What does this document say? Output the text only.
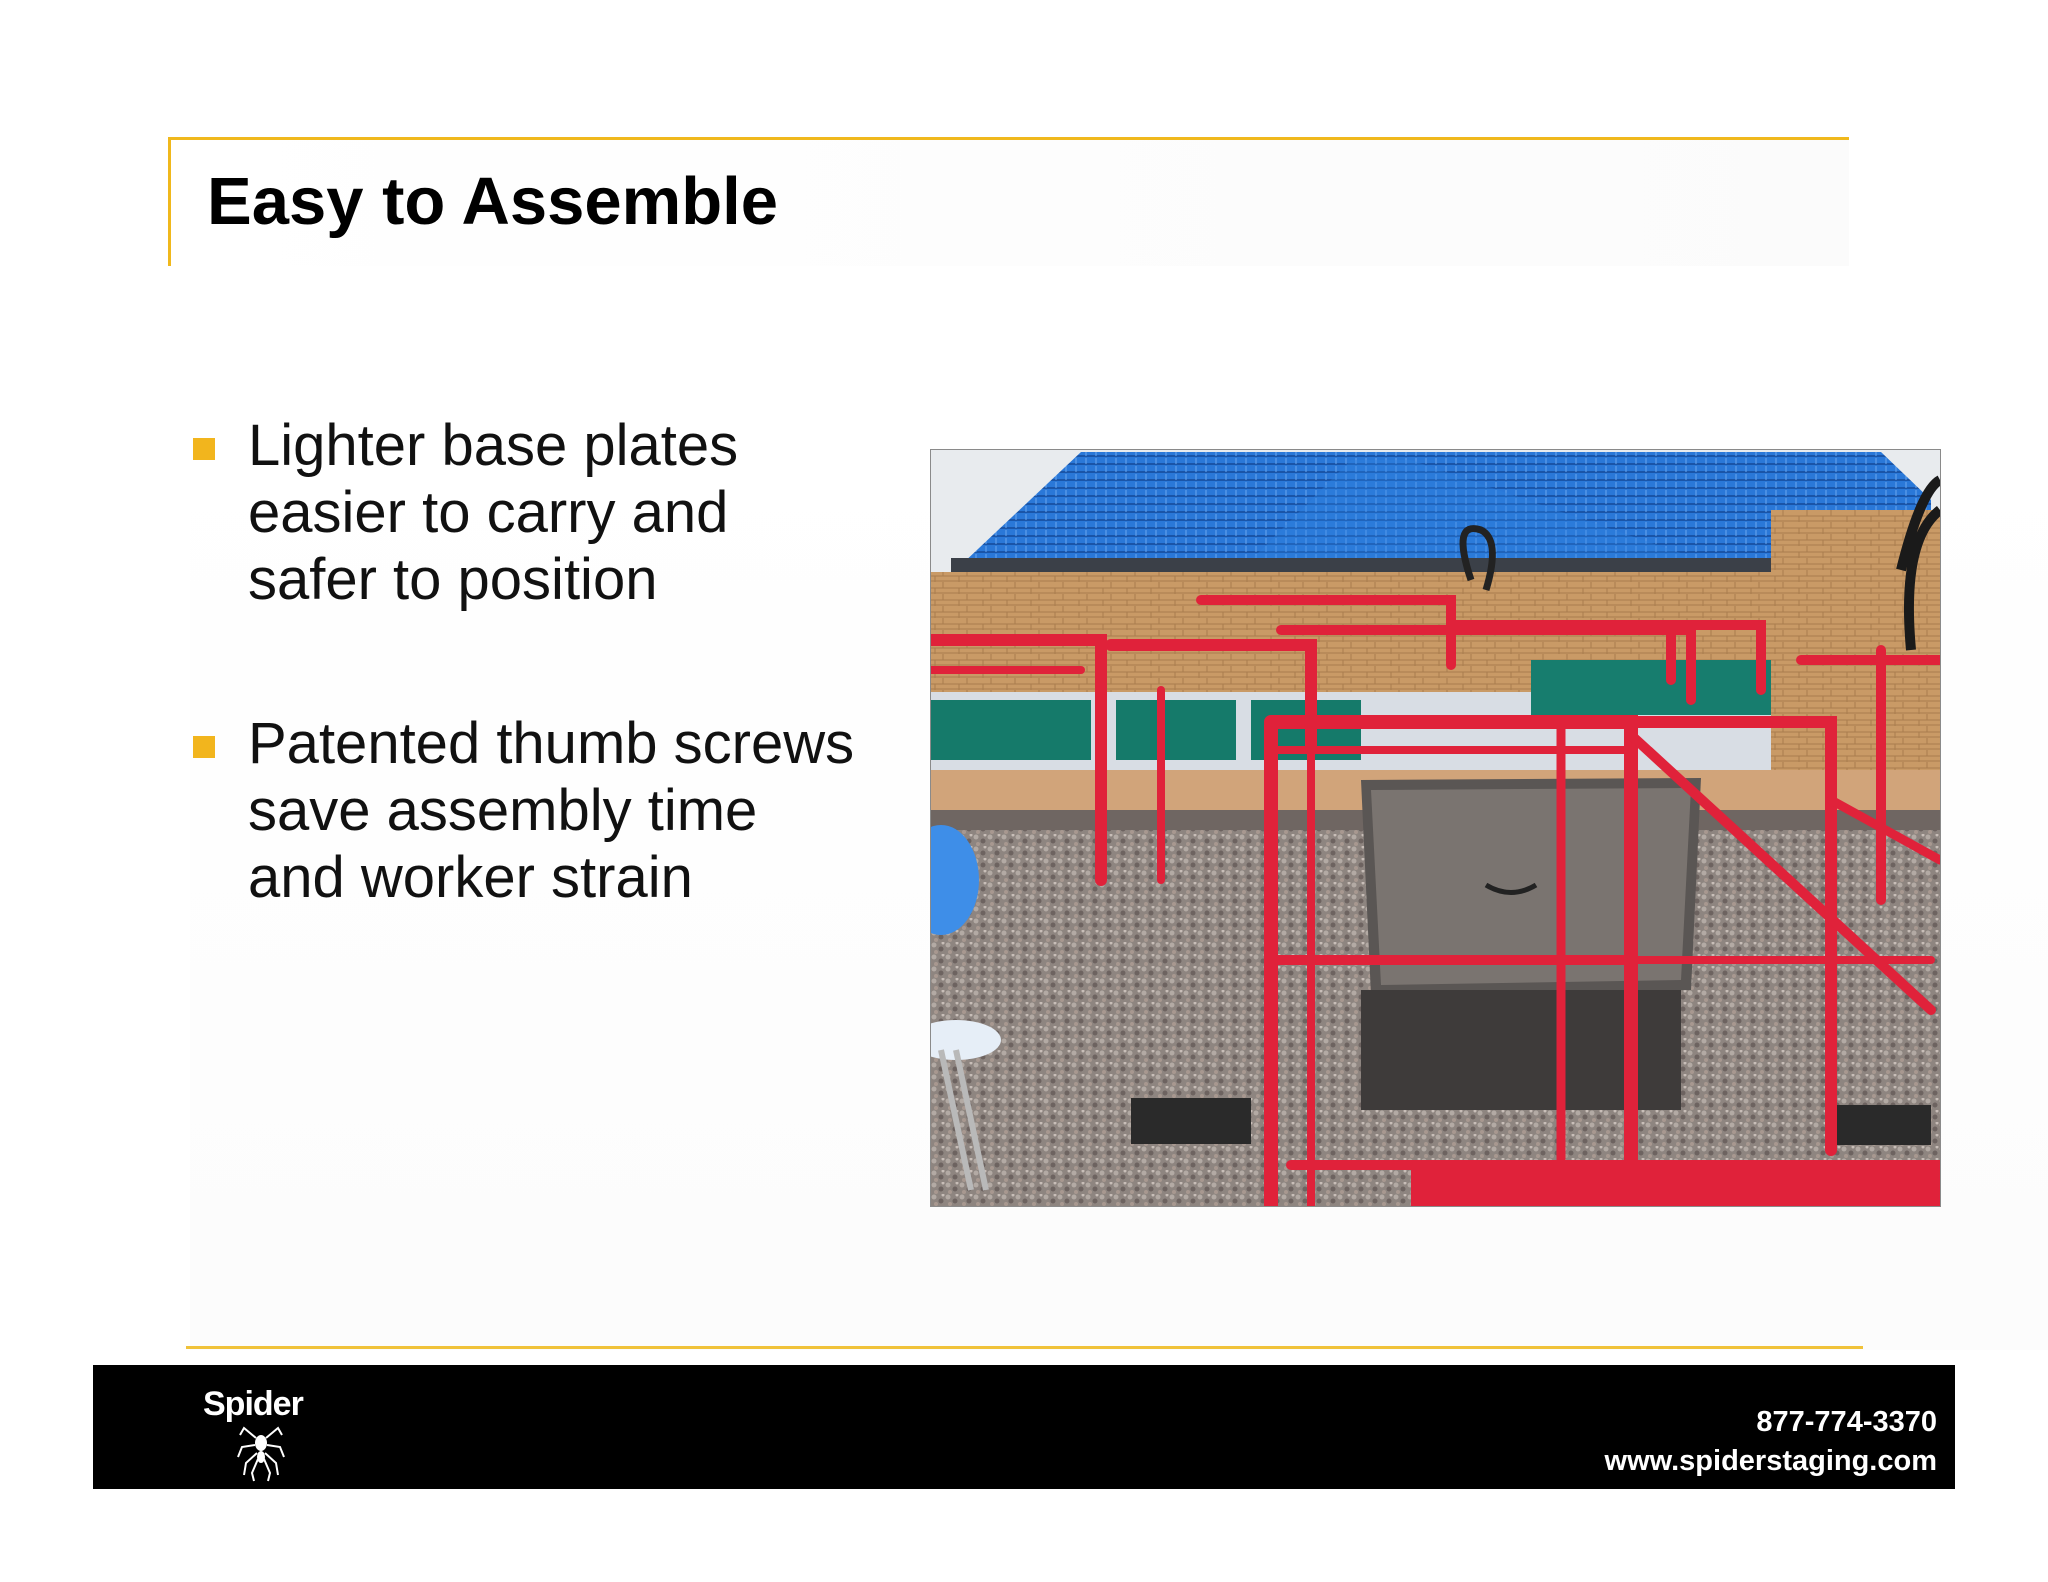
Easy to Assemble

Lighter base plates
easier to carry and
safer to position

Patented thumb screws
save assembly time
and worker strain

Spider	877-774-3370
www.spiderstaging.com
